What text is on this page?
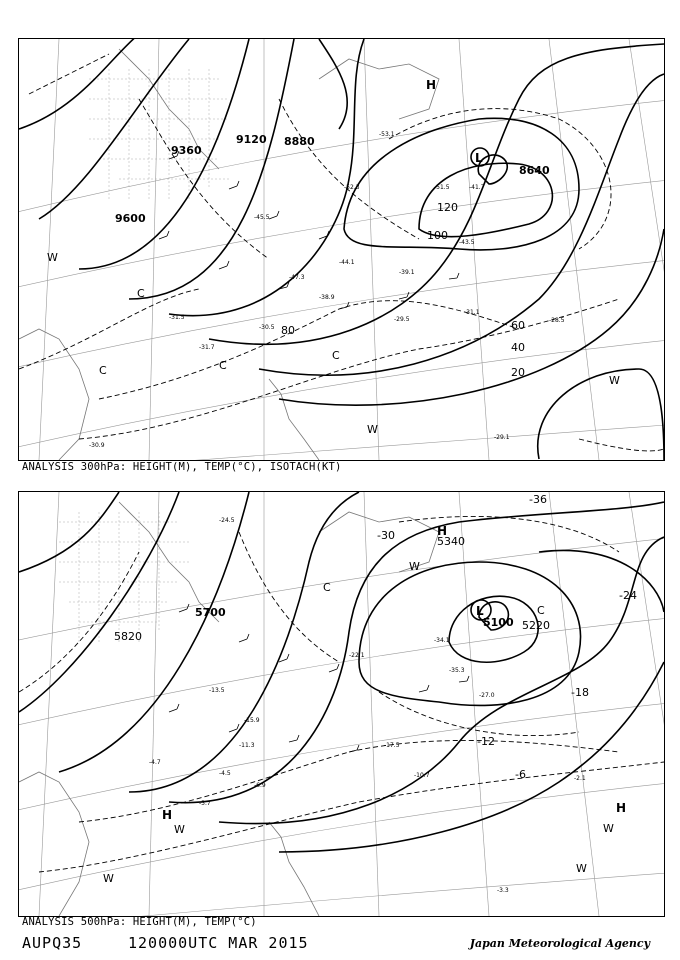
9600
9360
9120 8880
8640
20
40
60
80
100
120
L
H
W
W
W
C
C
C
C
-51.5
-53.1
-52.3	-41.7
-45.5
-44.1
-43.5
-47.3
-38.9
-39.1
-30.5
-31.7
-31.5	-29.5	-28.5
-30.9
-29.1
-31.1
ANALYSIS 300hPa: HEIGHT(M), TEMP(°C), ISOTACH(KT)
5820
5700
5340
5100 5220
-36
-30
-24
-18
-12
-6
L
H
H
H
W
W
W
W
W
C
C
-34.1
-35.3
-27.0
-24.5
-22.1
-17.5
-15.9
-13.5
-11.3
-10.7
-6.9
-5.7
-4.5
-3.3
-2.1
-4.7
ANALYSIS 500hPa: HEIGHT(M), TEMP(°C)
AUPQ35	120000UTC MAR 2015	Japan Meteorological Agency
